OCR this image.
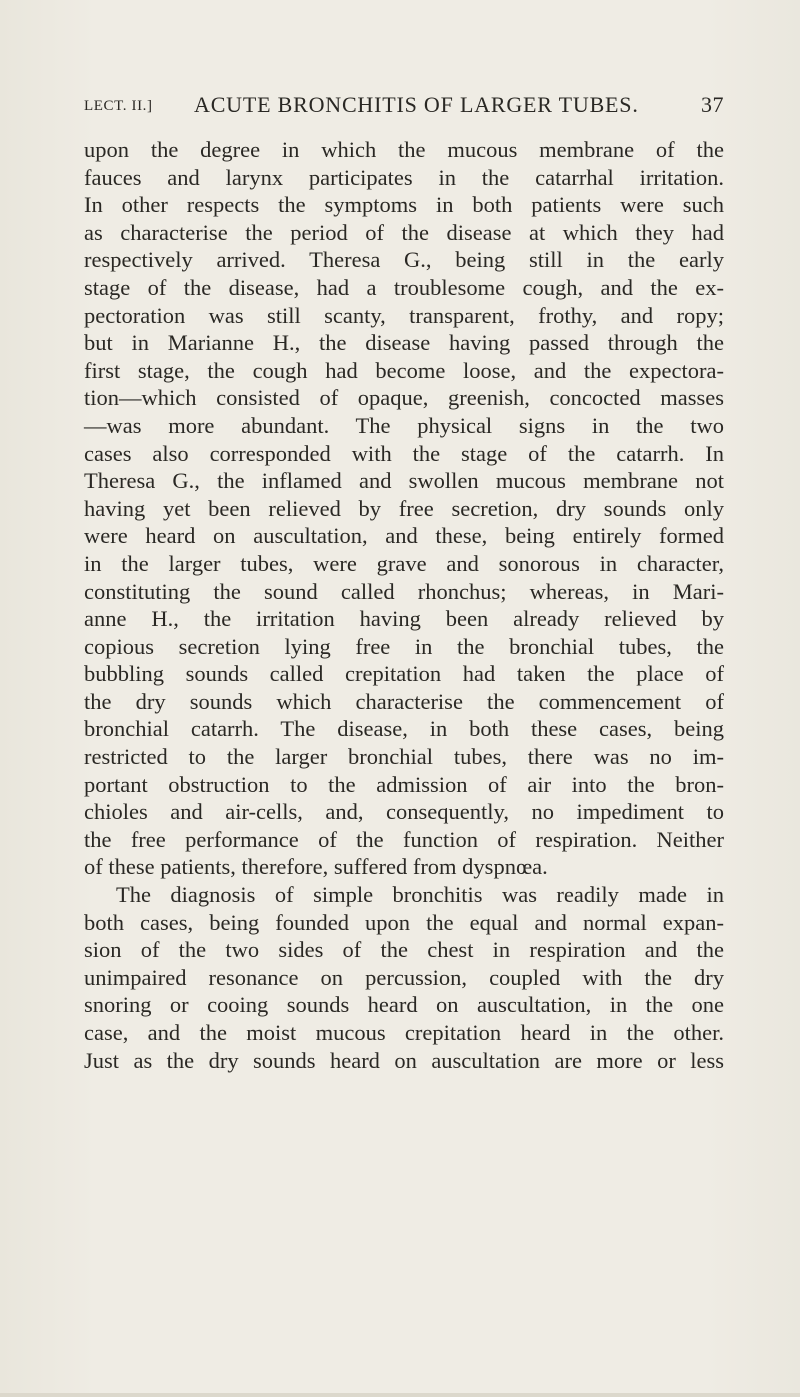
LECT. II.] ACUTE BRONCHITIS OF LARGER TUBES.	37
upon the degree in which the mucous membrane of the
fauces and larynx participates in the catarrhal irritation.
In other respects the symptoms in both patients were such
as characterise the period of the disease at which they had
respectively arrived. Theresa G., being still in the early
stage of the disease, had a troublesome cough, and the ex-
pectoration was still scanty, transparent, frothy, and ropy;
but in Marianne H., the disease having passed through the
first stage, the cough had become loose, and the expectora-
tion—which consisted of opaque, greenish, concocted masses
—was more abundant. The physical signs in the two
cases also corresponded with the stage of the catarrh. In
Theresa G., the inflamed and swollen mucous membrane not
having yet been relieved by free secretion, dry sounds only
were heard on auscultation, and these, being entirely formed
in the larger tubes, were grave and sonorous in character,
constituting the sound called rhonchus; whereas, in Mari-
anne H., the irritation having been already relieved by
copious secretion lying free in the bronchial tubes, the
bubbling sounds called crepitation had taken the place of
the dry sounds which characterise the commencement of
bronchial catarrh. The disease, in both these cases, being
restricted to the larger bronchial tubes, there was no im-
portant obstruction to the admission of air into the bron-
chioles and air-cells, and, consequently, no impediment to
the free performance of the function of respiration. Neither
of these patients, therefore, suffered from dyspnœa.
The diagnosis of simple bronchitis was readily made in
both cases, being founded upon the equal and normal expan-
sion of the two sides of the chest in respiration and the
unimpaired resonance on percussion, coupled with the dry
snoring or cooing sounds heard on auscultation, in the one
case, and the moist mucous crepitation heard in the other.
Just as the dry sounds heard on auscultation are more or less
